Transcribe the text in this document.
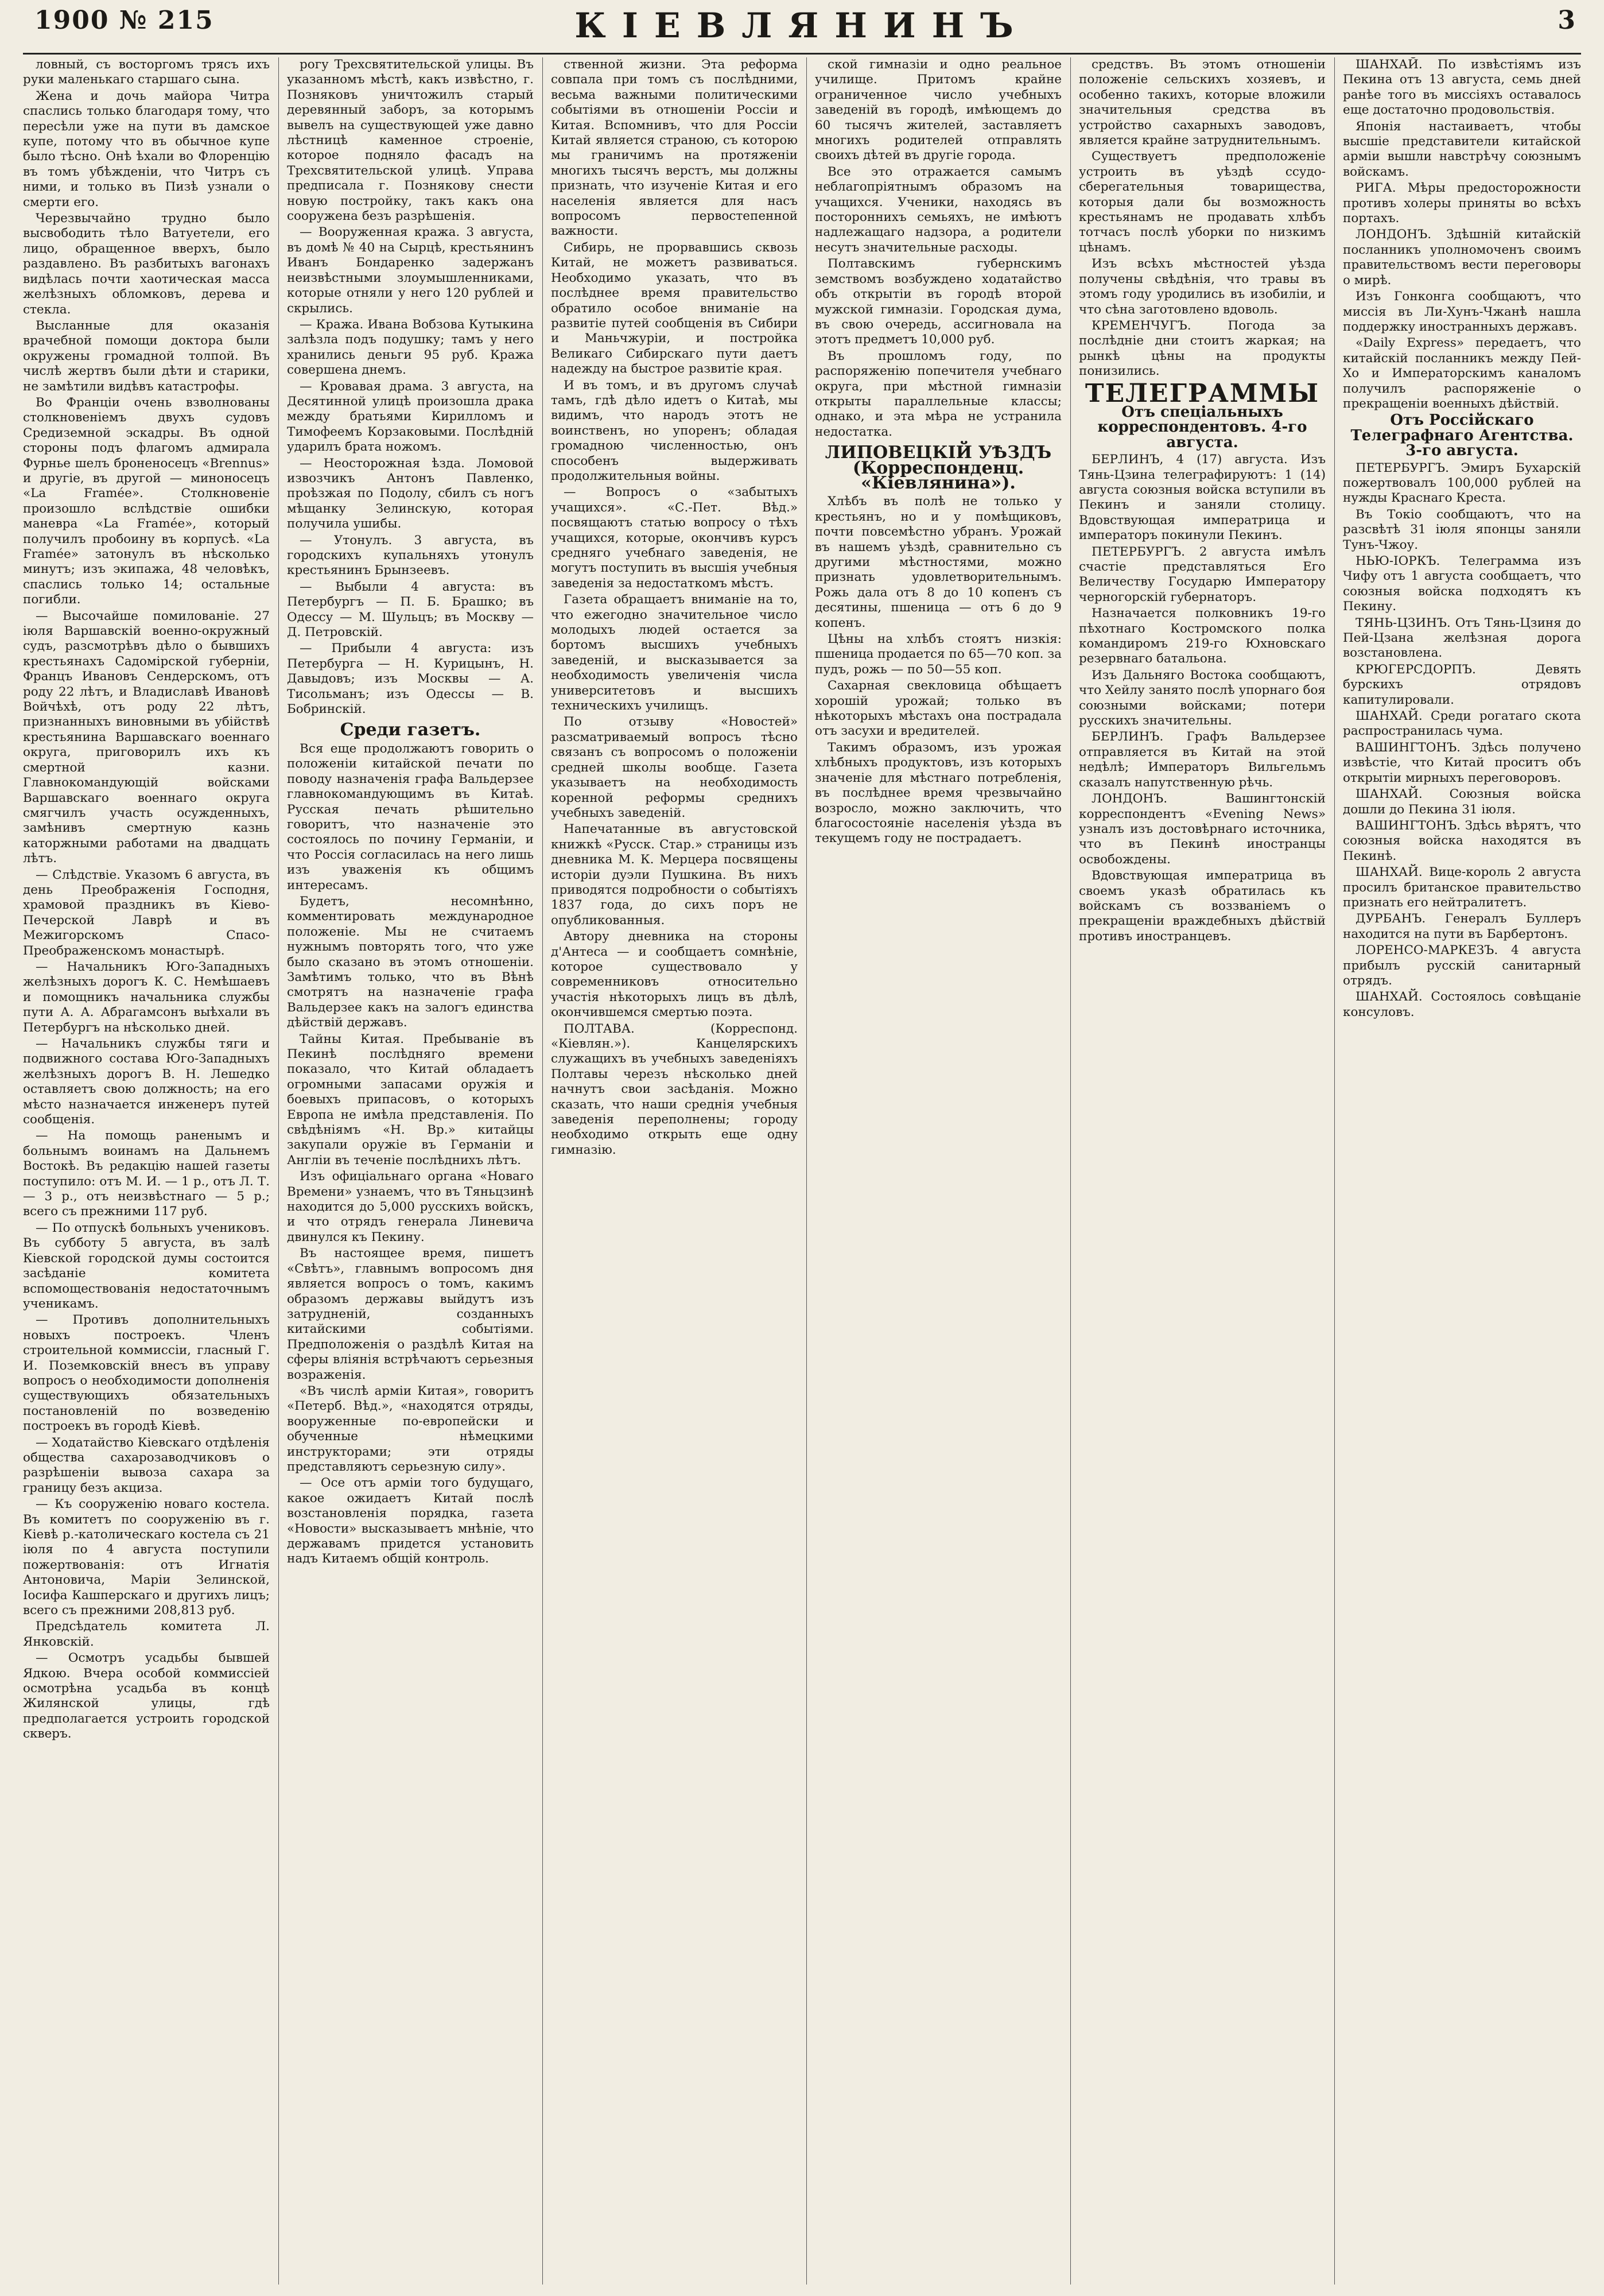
1900 № 215	КІЕВЛЯНИНЪ	3

ловный, съ восторгомъ трясъ ихъ руки маленькаго старшаго сына.

Жена и дочь майора Читра спаслись только благодаря тому, что пересѣли уже на пути въ дамское купе, потому что въ обычное купе было тѣсно. Онѣ ѣхали во Флоренцію въ томъ убѣжденіи, что Читръ съ ними, и только въ Пизѣ узнали о смерти его.

Черезвычайно трудно было высвободить тѣло Ватуетели, его лицо, обращенное вверхъ, было раздавлено. Въ разбитыхъ вагонахъ видѣлась почти хаотическая масса желѣзныхъ обломковъ, дерева и стекла.

Высланные для оказанія врачебной помощи доктора были окружены громадной толпой. Въ числѣ жертвъ были дѣти и старики, не замѣтили видѣвъ катастрофы.

Во Франціи очень взволнованы столкновеніемъ двухъ судовъ Средиземной эскадры. Въ одной стороны подъ флагомъ адмирала Фурнье шелъ броненосецъ «Brennus» и другіе, въ другой — миноносецъ «La Framée». Столкновеніе произошло вслѣдствіе ошибки маневра «La Framée», который получилъ пробоину въ корпусѣ. «La Framée» затонулъ въ нѣсколько минутъ; изъ экипажа, 48 человѣкъ, спаслись только 14; остальные погибли.

— Высочайше помилованіе. 27 іюля Варшавскій военно-окружный судъ, разсмотрѣвъ дѣло о бывшихъ крестьянахъ Садомірской губерніи, Францъ Ивановъ Сендерскомъ, отъ роду 22 лѣтъ, и Владиславѣ Ивановѣ Войчѣхѣ, отъ роду 22 лѣтъ, признанныхъ виновными въ убійствѣ крестьянина Варшавскаго военнаго округа, приговорилъ ихъ къ смертной казни. Главнокомандующій войсками Варшавскаго военнаго округа смягчилъ участь осужденныхъ, замѣнивъ смертную казнь каторжными работами на двадцать лѣтъ.

— Слѣдствіе. Указомъ 6 августа, въ день Преображенія Господня, храмовой праздникъ въ Кіево-Печерской Лаврѣ и въ Межигорскомъ Спасо-Преображенскомъ монастырѣ.

— Начальникъ Юго-Западныхъ желѣзныхъ дорогъ К. С. Немѣшаевъ и помощникъ начальника службы пути А. А. Абрагамсонъ выѣхали въ Петербургъ на нѣсколько дней.

— Начальникъ службы тяги и подвижного состава Юго-Западныхъ желѣзныхъ дорогъ В. Н. Лешедко оставляетъ свою должность; на его мѣсто назначается инженеръ путей сообщенія.

— На помощь раненымъ и больнымъ воинамъ на Дальнемъ Востокѣ. Въ редакцію нашей газеты поступило: отъ М. И. — 1 р., отъ Л. Т. — 3 р., отъ неизвѣстнаго — 5 р.; всего съ прежними 117 руб.

— По отпускѣ больныхъ учениковъ. Въ субботу 5 августа, въ залѣ Кіевской городской думы состоится засѣданіе комитета вспомоществованія недостаточнымъ ученикамъ.

— Противъ дополнительныхъ новыхъ построекъ. Членъ строительной коммиссіи, гласный Г. И. Поземковскій внесъ въ управу вопросъ о необходимости дополненія существующихъ обязательныхъ постановленій по возведенію построекъ въ городѣ Кіевѣ.

— Ходатайство Кіевскаго отдѣленія общества сахарозаводчиковъ о разрѣшеніи вывоза сахара за границу безъ акциза.

— Къ сооруженію новаго костела. Въ комитетъ по сооруженію въ г. Кіевѣ р.-католическаго костела съ 21 іюля по 4 августа поступили пожертвованія: отъ Игнатія Антоновича, Маріи Зелинской, Іосифа Кашперскаго и другихъ лицъ; всего съ прежними 208,813 руб.

Предсѣдатель комитета Л. Янковскій.

— Осмотръ усадьбы бывшей Ядкою. Вчера особой коммиссіей осмотрѣна усадьба въ концѣ Жилянской улицы, гдѣ предполагается устроить городской скверъ.

рогу Трехсвятительской улицы. Въ указанномъ мѣстѣ, какъ извѣстно, г. Позняковъ уничтожилъ старый деревянный заборъ, за которымъ вывелъ на существующей уже давно лѣстницѣ каменное строеніе, которое подняло фасадъ на Трехсвятительской улицѣ. Управа предписала г. Познякову снести новую постройку, такъ какъ она сооружена безъ разрѣшенія.

— Вооруженная кража. 3 августа, въ домѣ № 40 на Сырцѣ, крестьянинъ Иванъ Бондаренко задержанъ неизвѣстными злоумышленниками, которые отняли у него 120 рублей и скрылись.

— Кража. Ивана Вобзова Кутыкина залѣзла подъ подушку; тамъ у него хранились деньги 95 руб. Кража совершена днемъ.

— Кровавая драма. 3 августа, на Десятинной улицѣ произошла драка между братьями Кирилломъ и Тимофеемъ Корзаковыми. Послѣдній ударилъ брата ножомъ.

— Неосторожная ѣзда. Ломовой извозчикъ Антонъ Павленко, проѣзжая по Подолу, сбилъ съ ногъ мѣщанку Зелинскую, которая получила ушибы.

— Утонулъ. 3 августа, въ городскихъ купальняхъ утонулъ крестьянинъ Брынзеевъ.

— Выбыли 4 августа: въ Петербургъ — П. Б. Брашко; въ Одессу — М. Шульцъ; въ Москву — Д. Петровскій.

— Прибыли 4 августа: изъ Петербурга — Н. Курицынъ, Н. Давыдовъ; изъ Москвы — А. Тисольманъ; изъ Одессы — В. Бобринскій.

Среди газетъ.

Вся еще продолжаютъ говорить о положеніи китайской печати по поводу назначенія графа Вальдерзее главнокомандующимъ въ Китаѣ. Русская печать рѣшительно говоритъ, что назначеніе это состоялось по почину Германіи, и что Россія согласилась на него лишь изъ уваженія къ общимъ интересамъ.

Будетъ, несомнѣнно, комментировать международное положеніе. Мы не считаемъ нужнымъ повторять того, что уже было сказано въ этомъ отношеніи. Замѣтимъ только, что въ Вѣнѣ смотрятъ на назначеніе графа Вальдерзее какъ на залогъ единства дѣйствій державъ.

Тайны Китая. Пребываніе въ Пекинѣ послѣдняго времени показало, что Китай обладаетъ огромными запасами оружія и боевыхъ припасовъ, о которыхъ Европа не имѣла представленія. По свѣдѣніямъ «Н. Вр.» китайцы закупали оружіе въ Германіи и Англіи въ теченіе послѣднихъ лѣтъ.

Изъ офиціальнаго органа «Новаго Времени» узнаемъ, что въ Тяньцзинѣ находится до 5,000 русскихъ войскъ, и что отрядъ генерала Линевича двинулся къ Пекину.

Въ настоящее время, пишетъ «Свѣтъ», главнымъ вопросомъ дня является вопросъ о томъ, какимъ образомъ державы выйдутъ изъ затрудненій, созданныхъ китайскими событіями. Предположенія о раздѣлѣ Китая на сферы вліянія встрѣчаютъ серьезныя возраженія.

«Въ числѣ арміи Китая», говоритъ «Петерб. Вѣд.», «находятся отряды, вооруженные по-европейски и обученные нѣмецкими инструкторами; эти отряды представляютъ серьезную силу».

— Осе отъ арміи того будущаго, какое ожидаетъ Китай послѣ возстановленія порядка, газета «Новости» высказываетъ мнѣніе, что державамъ придется установить надъ Китаемъ общій контроль.

ственной жизни. Эта реформа совпала при томъ съ послѣдними, весьма важными политическими событіями въ отношеніи Россіи и Китая. Вспомнивъ, что для Россіи Китай является страною, съ которою мы граничимъ на протяженіи многихъ тысячъ верстъ, мы должны признать, что изученіе Китая и его населенія является для насъ вопросомъ первостепенной важности.

Сибирь, не прорвавшись сквозь Китай, не можетъ развиваться. Необходимо указать, что въ послѣднее время правительство обратило особое вниманіе на развитіе путей сообщенія въ Сибири и Маньчжуріи, и постройка Великаго Сибирскаго пути даетъ надежду на быстрое развитіе края.

И въ томъ, и въ другомъ случаѣ тамъ, гдѣ дѣло идетъ о Китаѣ, мы видимъ, что народъ этотъ не воинственъ, но упоренъ; обладая громадною численностью, онъ способенъ выдерживать продолжительныя войны.

— Вопросъ о «забытыхъ учащихся». «С.-Пет. Вѣд.» посвящаютъ статью вопросу о тѣхъ учащихся, которые, окончивъ курсъ средняго учебнаго заведенія, не могутъ поступить въ высшія учебныя заведенія за недостаткомъ мѣстъ.

Газета обращаетъ вниманіе на то, что ежегодно значительное число молодыхъ людей остается за бортомъ высшихъ учебныхъ заведеній, и высказывается за необходимость увеличенія числа университетовъ и высшихъ техническихъ училищъ.

По отзыву «Новостей» разсматриваемый вопросъ тѣсно связанъ съ вопросомъ о положеніи средней школы вообще. Газета указываетъ на необходимость коренной реформы среднихъ учебныхъ заведеній.

Напечатанные въ августовской книжкѣ «Русск. Стар.» страницы изъ дневника М. К. Мерцера посвящены исторіи дуэли Пушкина. Въ нихъ приводятся подробности о событіяхъ 1837 года, до сихъ поръ не опубликованныя.

Автору дневника на стороны д'Антеса — и сообщаетъ сомнѣніе, которое существовало у современниковъ относительно участія нѣкоторыхъ лицъ въ дѣлѣ, окончившемся смертью поэта.

ПОЛТАВА. (Корреспонд. «Кіевлян.»). Канцелярскихъ служащихъ въ учебныхъ заведеніяхъ Полтавы черезъ нѣсколько дней начнутъ свои засѣданія. Можно сказать, что наши среднія учебныя заведенія переполнены; городу необходимо открыть еще одну гимназію.

ской гимназіи и одно реальное училище. Притомъ крайне ограниченное число учебныхъ заведеній въ городѣ, имѣющемъ до 60 тысячъ жителей, заставляетъ многихъ родителей отправлять своихъ дѣтей въ другіе города.

Все это отражается самымъ неблагопріятнымъ образомъ на учащихся. Ученики, находясь въ постороннихъ семьяхъ, не имѣютъ надлежащаго надзора, а родители несутъ значительные расходы.

Полтавскимъ губернскимъ земствомъ возбуждено ходатайство объ открытіи въ городѣ второй мужской гимназіи. Городская дума, въ свою очередь, ассигновала на этотъ предметъ 10,000 руб.

Въ прошломъ году, по распоряженію попечителя учебнаго округа, при мѣстной гимназіи открыты параллельные классы; однако, и эта мѣра не устранила недостатка.

ЛИПОВЕЦКІЙ УѢЗДЪ (Корреспонденц. «Кіевлянина»).

Хлѣбъ въ полѣ не только у крестьянъ, но и у помѣщиковъ, почти повсемѣстно убранъ. Урожай въ нашемъ уѣздѣ, сравнительно съ другими мѣстностями, можно признать удовлетворительнымъ. Рожь дала отъ 8 до 10 копенъ съ десятины, пшеница — отъ 6 до 9 копенъ.

Цѣны на хлѣбъ стоятъ низкія: пшеница продается по 65—70 коп. за пудъ, рожь — по 50—55 коп.

Сахарная свекловица обѣщаетъ хорошій урожай; только въ нѣкоторыхъ мѣстахъ она пострадала отъ засухи и вредителей.

Такимъ образомъ, изъ урожая хлѣбныхъ продуктовъ, изъ которыхъ значеніе для мѣстнаго потребленія, въ послѣднее время чрезвычайно возросло, можно заключить, что благосостояніе населенія уѣзда въ текущемъ году не пострадаетъ.

средствъ. Въ этомъ отношеніи положеніе сельскихъ хозяевъ, и особенно такихъ, которые вложили значительныя средства въ устройство сахарныхъ заводовъ, является крайне затруднительнымъ.

Существуетъ предположеніе устроить въ уѣздѣ ссудо-сберегательныя товарищества, которыя дали бы возможность крестьянамъ не продавать хлѣбъ тотчасъ послѣ уборки по низкимъ цѣнамъ.

Изъ всѣхъ мѣстностей уѣзда получены свѣдѣнія, что травы въ этомъ году уродились въ изобиліи, и что сѣна заготовлено вдоволь.

КРЕМЕНЧУГЪ. Погода за послѣдніе дни стоитъ жаркая; на рынкѣ цѣны на продукты понизились.

ТЕЛЕГРАММЫ

Отъ спеціальныхъ корреспондентовъ. 4-го августа.

БЕРЛИНЪ, 4 (17) августа. Изъ Тянь-Цзина телеграфируютъ: 1 (14) августа союзныя войска вступили въ Пекинъ и заняли столицу. Вдовствующая императрица и императоръ покинули Пекинъ.

ПЕТЕРБУРГЪ. 2 августа имѣлъ счастіе представляться Его Величеству Государю Императору черногорскій губернаторъ.

Назначается полковникъ 19-го пѣхотнаго Костромского полка командиромъ 219-го Юхновскаго резервнаго батальона.

Изъ Дальняго Востока сообщаютъ, что Хейлу занято послѣ упорнаго боя союзными войсками; потери русскихъ значительны.

БЕРЛИНЪ. Графъ Вальдерзее отправляется въ Китай на этой недѣлѣ; Императоръ Вильгельмъ сказалъ напутственную рѣчь.

ЛОНДОНЪ. Вашингтонскій корреспондентъ «Evening News» узналъ изъ достовѣрнаго источника, что въ Пекинѣ иностранцы освобождены.

Вдовствующая императрица въ своемъ указѣ обратилась къ войскамъ съ воззваніемъ о прекращеніи враждебныхъ дѣйствій противъ иностранцевъ.

ШАНХАЙ. По извѣстіямъ изъ Пекина отъ 13 августа, семь дней ранѣе того въ миссіяхъ оставалось еще достаточно продовольствія.

Японія настаиваетъ, чтобы высшіе представители китайской арміи вышли навстрѣчу союзнымъ войскамъ.

РИГА. Мѣры предосторожности противъ холеры приняты во всѣхъ портахъ.

ЛОНДОНЪ. Здѣшній китайскій посланникъ уполномоченъ своимъ правительствомъ вести переговоры о мирѣ.

Изъ Гонконга сообщаютъ, что миссія въ Ли-Хунъ-Чжанѣ нашла поддержку иностранныхъ державъ.

«Daily Express» передаетъ, что китайскій посланникъ между Пей-Хо и Императорскимъ каналомъ получилъ распоряженіе о прекращеніи военныхъ дѣйствій.

Отъ Россійскаго Телеграфнаго Агентства. 3-го августа.

ПЕТЕРБУРГЪ. Эмиръ Бухарскій пожертвовалъ 100,000 рублей на нужды Краснаго Креста.

Въ Токіо сообщаютъ, что на разсвѣтѣ 31 іюля японцы заняли Тунъ-Чжоу.

НЬЮ-ІОРКЪ. Телеграмма изъ Чифу отъ 1 августа сообщаетъ, что союзныя войска подходятъ къ Пекину.

ТЯНЬ-ЦЗИНЪ. Отъ Тянь-Цзиня до Пей-Цзана желѣзная дорога возстановлена.

КРЮГЕРСДОРПЪ. Девять бурскихъ отрядовъ капитулировали.

ШАНХАЙ. Среди рогатаго скота распространилась чума.

ВАШИНГТОНЪ. Здѣсь получено извѣстіе, что Китай проситъ объ открытіи мирныхъ переговоровъ.

ШАНХАЙ. Союзныя войска дошли до Пекина 31 іюля.

ВАШИНГТОНЪ. Здѣсь вѣрятъ, что союзныя войска находятся въ Пекинѣ.

ШАНХАЙ. Вице-король 2 августа просилъ британское правительство признать его нейтралитетъ.

ДУРБАНЪ. Генералъ Буллеръ находится на пути въ Барбертонъ.

ЛОРЕНСО-МАРКЕЗЪ. 4 августа прибылъ русскій санитарный отрядъ.

ШАНХАЙ. Состоялось совѣщаніе консуловъ.
